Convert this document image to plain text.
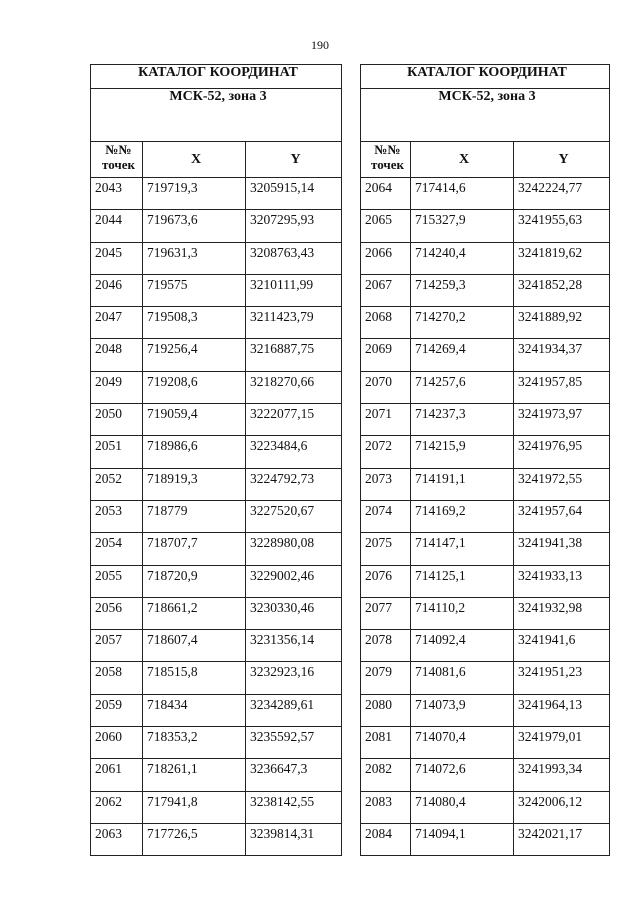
190
КАТАЛОГ КООРДИНАТ		
МСК-52, зона 3		

№№
точек	X	Y
2043	719719,3	3205915,14
2044	719673,6	3207295,93
2045	719631,3	3208763,43
2046	719575	3210111,99
2047	719508,3	3211423,79
2048	719256,4	3216887,75
2049	719208,6	3218270,66
2050	719059,4	3222077,15
2051	718986,6	3223484,6
2052	718919,3	3224792,73
2053	718779	3227520,67
2054	718707,7	3228980,08
2055	718720,9	3229002,46
2056	718661,2	3230330,46
2057	718607,4	3231356,14
2058	718515,8	3232923,16
2059	718434	3234289,61
2060	718353,2	3235592,57
2061	718261,1	3236647,3
2062	717941,8	3238142,55
2063	717726,5	3239814,31
КАТАЛОГ КООРДИНАТ		
МСК-52, зона 3		

№№
точек	X	Y
2064	717414,6	3242224,77
2065	715327,9	3241955,63
2066	714240,4	3241819,62
2067	714259,3	3241852,28
2068	714270,2	3241889,92
2069	714269,4	3241934,37
2070	714257,6	3241957,85
2071	714237,3	3241973,97
2072	714215,9	3241976,95
2073	714191,1	3241972,55
2074	714169,2	3241957,64
2075	714147,1	3241941,38
2076	714125,1	3241933,13
2077	714110,2	3241932,98
2078	714092,4	3241941,6
2079	714081,6	3241951,23
2080	714073,9	3241964,13
2081	714070,4	3241979,01
2082	714072,6	3241993,34
2083	714080,4	3242006,12
2084	714094,1	3242021,17
